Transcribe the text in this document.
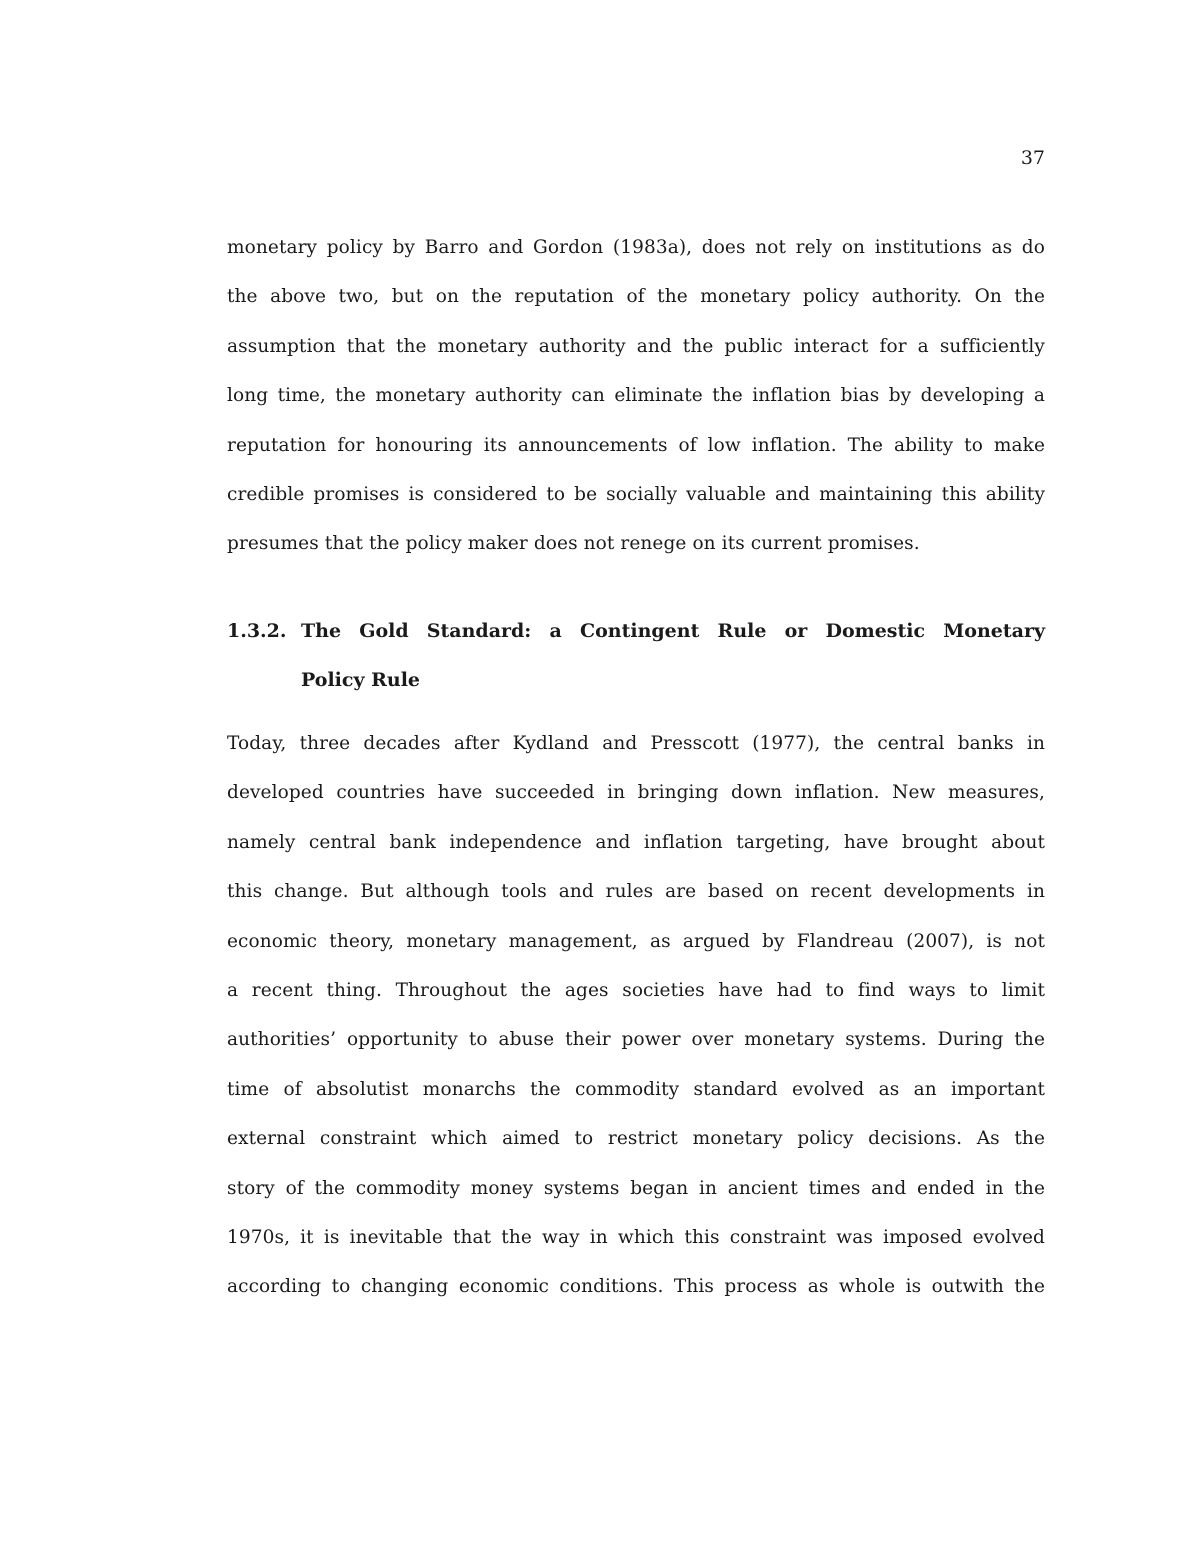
37
monetary policy by Barro and Gordon (1983a), does not rely on institutions as do
the above two, but on the reputation of the monetary policy authority. On the
assumption that the monetary authority and the public interact for a sufficiently
long time, the monetary authority can eliminate the inflation bias by developing a
reputation for honouring its announcements of low inflation. The ability to make
credible promises is considered to be socially valuable and maintaining this ability
presumes that the policy maker does not renege on its current promises.
1.3.2. The Gold Standard: a Contingent Rule or Domestic Monetary
Policy Rule
Today, three decades after Kydland and Presscott (1977), the central banks in
developed countries have succeeded in bringing down inflation. New measures,
namely central bank independence and inflation targeting, have brought about
this change. But although tools and rules are based on recent developments in
economic theory, monetary management, as argued by Flandreau (2007), is not
a recent thing. Throughout the ages societies have had to find ways to limit
authorities’ opportunity to abuse their power over monetary systems. During the
time of absolutist monarchs the commodity standard evolved as an important
external constraint which aimed to restrict monetary policy decisions. As the
story of the commodity money systems began in ancient times and ended in the
1970s, it is inevitable that the way in which this constraint was imposed evolved
according to changing economic conditions. This process as whole is outwith the
